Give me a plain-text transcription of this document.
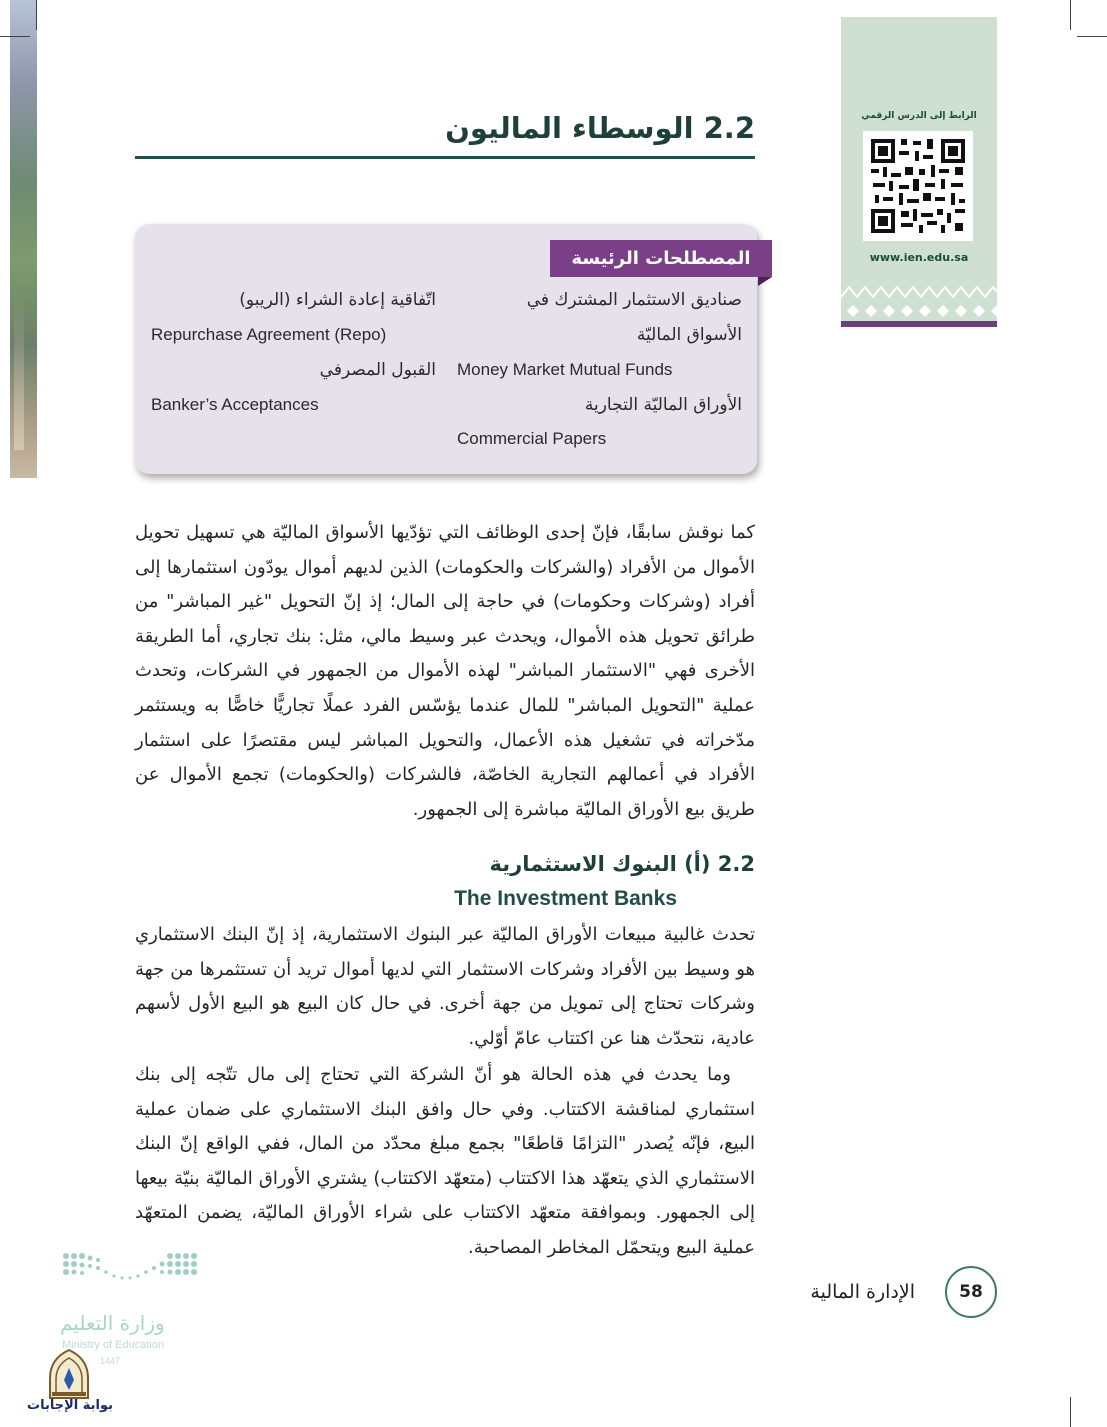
الرابط إلى الدرس الرقمي
www.ien.edu.sa
2.2 الوسطاء الماليون
المصطلحات الرئيسة
صناديق الاستثمار المشترك في
الأسواق الماليّة
Money Market Mutual Funds
الأوراق الماليّة التجارية
Commercial Papers
اتّفاقية إعادة الشراء (الريبو)
Repurchase Agreement (Repo)
القبول المصرفي
Banker’s Acceptances

كما نوقش سابقًا، فإنّ إحدى الوظائف التي تؤدّيها الأسواق الماليّة هي تسهيل تحويل الأموال من الأفراد (والشركات والحكومات) الذين لديهم أموال يودّون استثمارها إلى أفراد (وشركات وحكومات) في حاجة إلى المال؛ إذ إنّ التحويل "غير المباشر" من طرائق تحويل هذه الأموال، ويحدث عبر وسيط مالي، مثل: بنك تجاري، أما الطريقة الأخرى فهي "الاستثمار المباشر" لهذه الأموال من الجمهور في الشركات، وتحدث عملية "التحويل المباشر" للمال عندما يؤسّس الفرد عملًا تجاريًّا خاصًّا به ويستثمر مدّخراته في تشغيل هذه الأعمال، والتحويل المباشر ليس مقتصرًا على استثمار الأفراد في أعمالهم التجارية الخاصّة، فالشركات (والحكومات) تجمع الأموال عن طريق بيع الأوراق الماليّة مباشرة إلى الجمهور.

2.2 (أ) البنوك الاستثمارية
The Investment Banks

تحدث غالبية مبيعات الأوراق الماليّة عبر البنوك الاستثمارية، إذ إنّ البنك الاستثماري هو وسيط بين الأفراد وشركات الاستثمار التي لديها أموال تريد أن تستثمرها من جهة وشركات تحتاج إلى تمويل من جهة أخرى. في حال كان البيع هو البيع الأول لأسهم عادية، نتحدّث هنا عن اكتتاب عامّ أوّلي.

وما يحدث في هذه الحالة هو أنّ الشركة التي تحتاج إلى مال تتّجه إلى بنك استثماري لمناقشة الاكتتاب. وفي حال وافق البنك الاستثماري على ضمان عملية البيع، فإنّه يُصدر "التزامًا قاطعًا" بجمع مبلغ محدّد من المال، ففي الواقع إنّ البنك الاستثماري الذي يتعهّد هذا الاكتتاب (متعهّد الاكتتاب) يشتري الأوراق الماليّة بنيّة بيعها إلى الجمهور. وبموافقة متعهّد الاكتتاب على شراء الأوراق الماليّة، يضمن المتعهّد عملية البيع ويتحمّل المخاطر المصاحبة.

الإدارة المالية	58
وزارة التعليم
Ministry of Education
1447
بوابة الإجابات
